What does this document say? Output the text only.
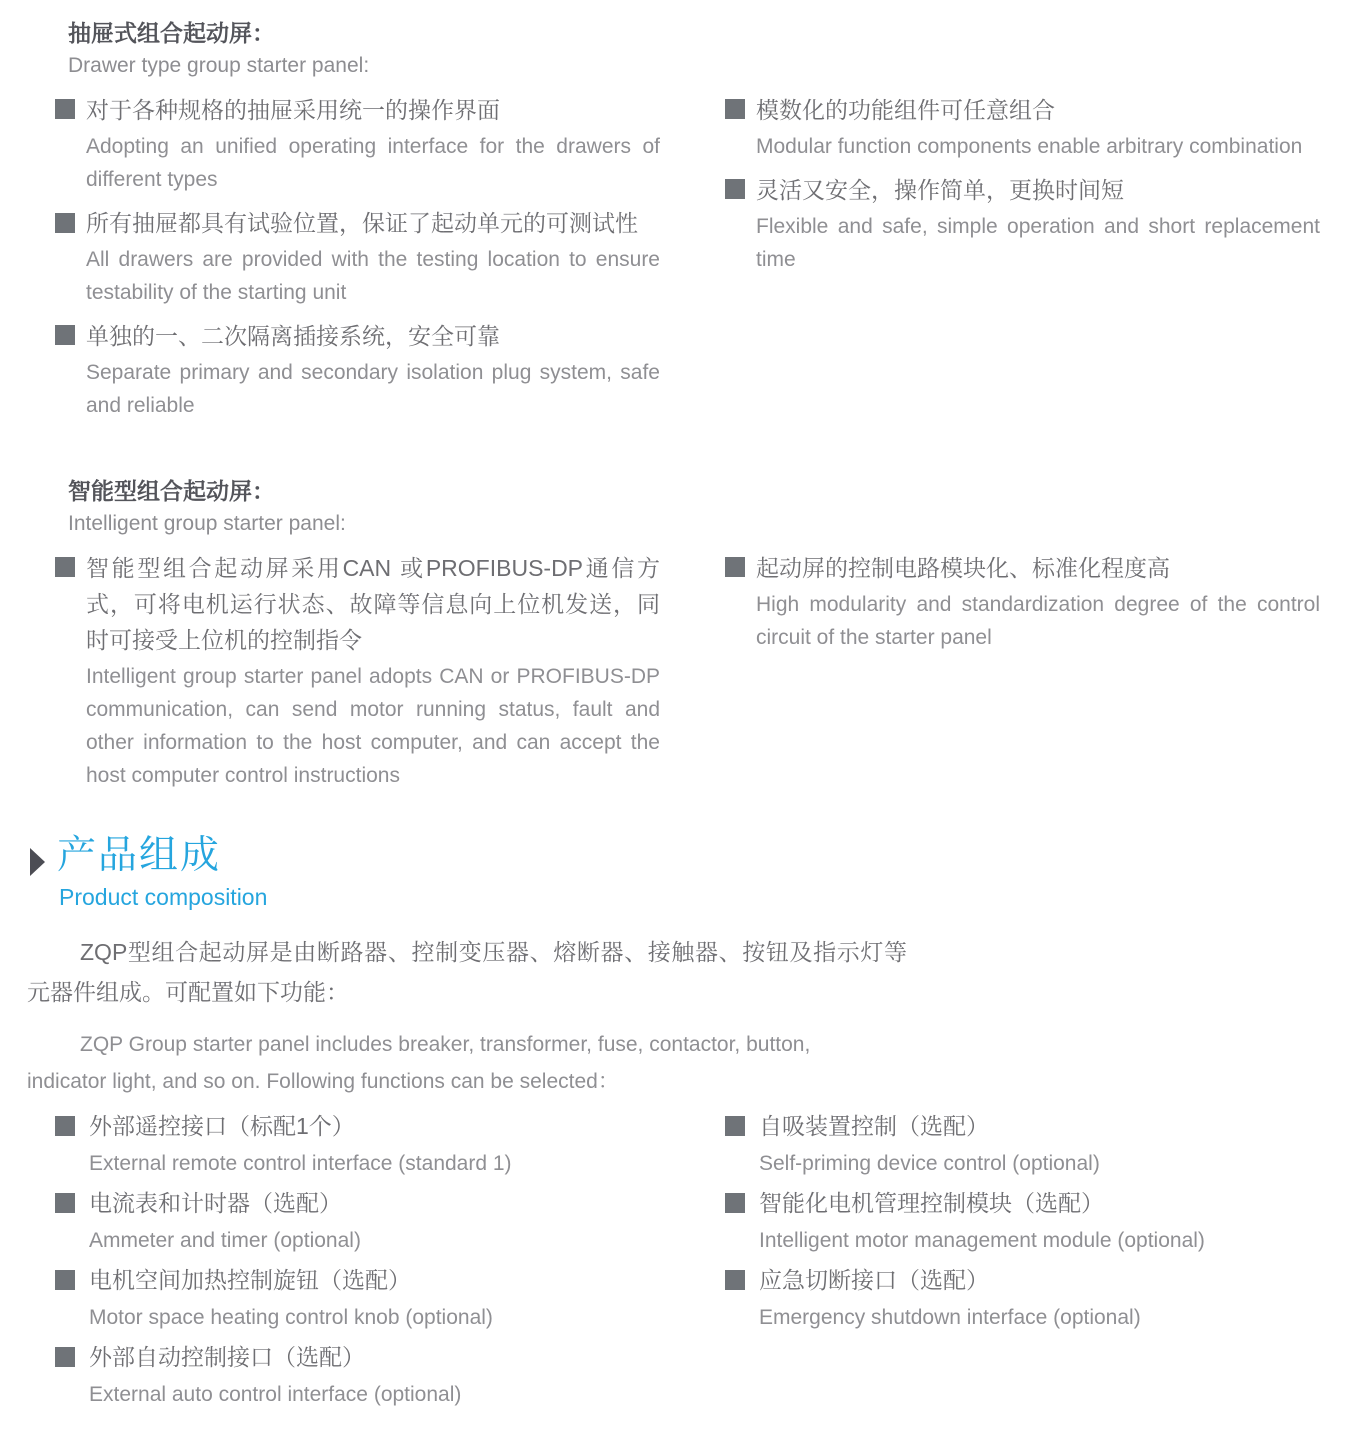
抽屉式组合起动屏：
Drawer type group starter panel:

对于各种规格的抽屉采用统一的操作界面

Adopting an unified operating interface for the drawers of different types

所有抽屉都具有试验位置，保证了起动单元的可测试性

All drawers are provided with the testing location to ensure testability of the starting unit

单独的一、二次隔离插接系统，安全可靠

Separate primary and secondary isolation plug system, safe and reliable

模数化的功能组件可任意组合

Modular function components enable arbitrary combination

灵活又安全，操作简单，更换时间短

Flexible and safe, simple operation and short replacement time

智能型组合起动屏：
Intelligent group starter panel:

智能型组合起动屏采用CAN 或PROFIBUS-DP通信方式，可将电机运行状态、故障等信息向上位机发送，同时可接受上位机的控制指令

Intelligent group starter panel adopts CAN or PROFIBUS-DP communication, can send motor running status, fault and other information to the host computer, and can accept the host computer control instructions

起动屏的控制电路模块化、标准化程度高

High modularity and standardization degree of the control circuit of the starter panel

产品组成
Product composition

ZQP型组合起动屏是由断路器、控制变压器、熔断器、接触器、按钮及指示灯等元器件组成。可配置如下功能：

ZQP Group starter panel includes breaker, transformer, fuse, contactor, button, indicator light, and so on. Following functions can be selected：

外部遥控接口（标配1个）

External remote control interface (standard 1)

电流表和计时器（选配）

Ammeter and timer (optional)

电机空间加热控制旋钮（选配）

Motor space heating control knob (optional)

外部自动控制接口（选配）

External auto control interface (optional)

自吸装置控制（选配）

Self-priming device control (optional)

智能化电机管理控制模块（选配）

Intelligent motor management module (optional)

应急切断接口（选配）

Emergency shutdown interface (optional)
